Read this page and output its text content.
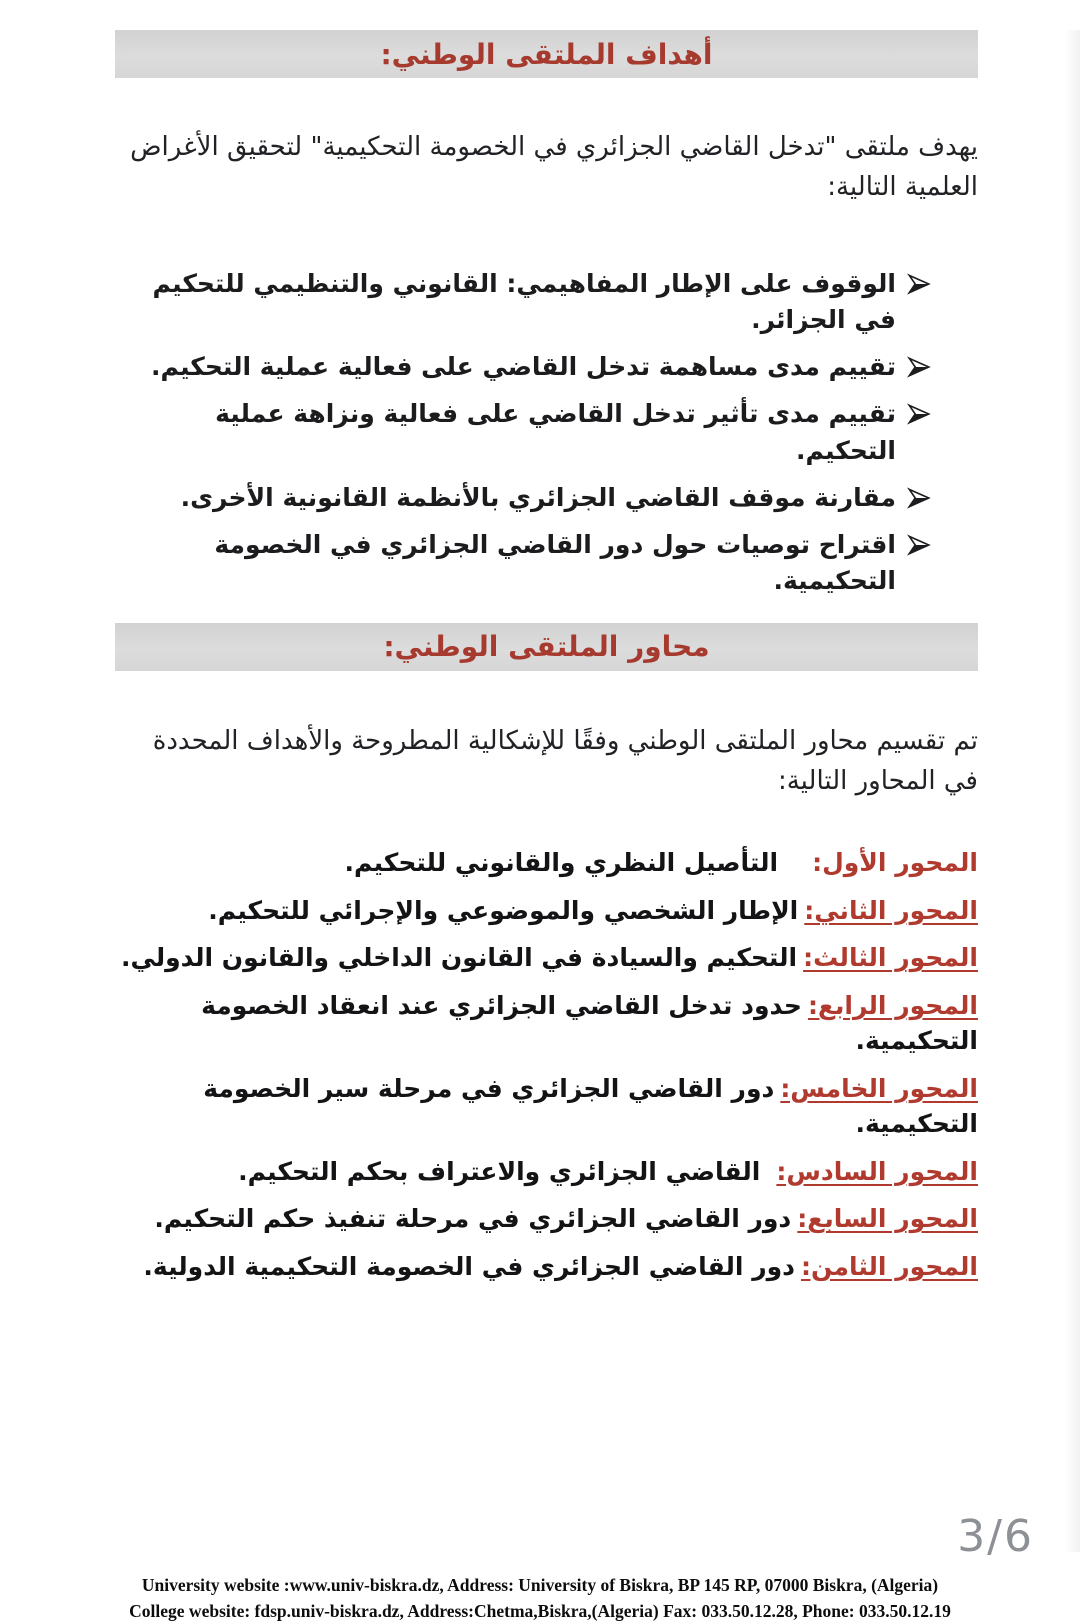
أهداف الملتقى الوطني:

يهدف ملتقى "تدخل القاضي الجزائري في الخصومة التحكيمية" لتحقيق الأغراض العلمية التالية:

الوقوف على الإطار المفاهيمي: القانوني والتنظيمي للتحكيم في الجزائر.
تقييم مدى مساهمة تدخل القاضي على فعالية عملية التحكيم.
تقييم مدى تأثير تدخل القاضي على فعالية ونزاهة عملية التحكيم.
مقارنة موقف القاضي الجزائري بالأنظمة القانونية الأخرى.
اقتراح توصيات حول دور القاضي الجزائري في الخصومة التحكيمية.
محاور الملتقى الوطني:

تم تقسيم محاور الملتقى الوطني وفقًا للإشكالية المطروحة والأهداف المحددة في المحاور التالية:

المحور الأول:التأصيل النظري والقانوني للتحكيم.
المحور الثاني:الإطار الشخصي والموضوعي والإجرائي للتحكيم.
المحور الثالث:التحكيم والسيادة في القانون الداخلي والقانون الدولي.
المحور الرابع:حدود تدخل القاضي الجزائري عند انعقاد الخصومة التحكيمية.
المحور الخامس:دور القاضي الجزائري في مرحلة سير الخصومة التحكيمية.
المحور السادس:القاضي الجزائري والاعتراف بحكم التحكيم.
المحور السابع:دور القاضي الجزائري في مرحلة تنفيذ حكم التحكيم.
المحور الثامن:دور القاضي الجزائري في الخصومة التحكيمية الدولية.
University website :www.univ-biskra.dz, Address: University of Biskra, BP 145 RP, 07000 Biskra, (Algeria)
College website: fdsp.univ-biskra.dz, Address:Chetma,Biskra,(Algeria) Fax: 033.50.12.28, Phone: 033.50.12.19
3/6
